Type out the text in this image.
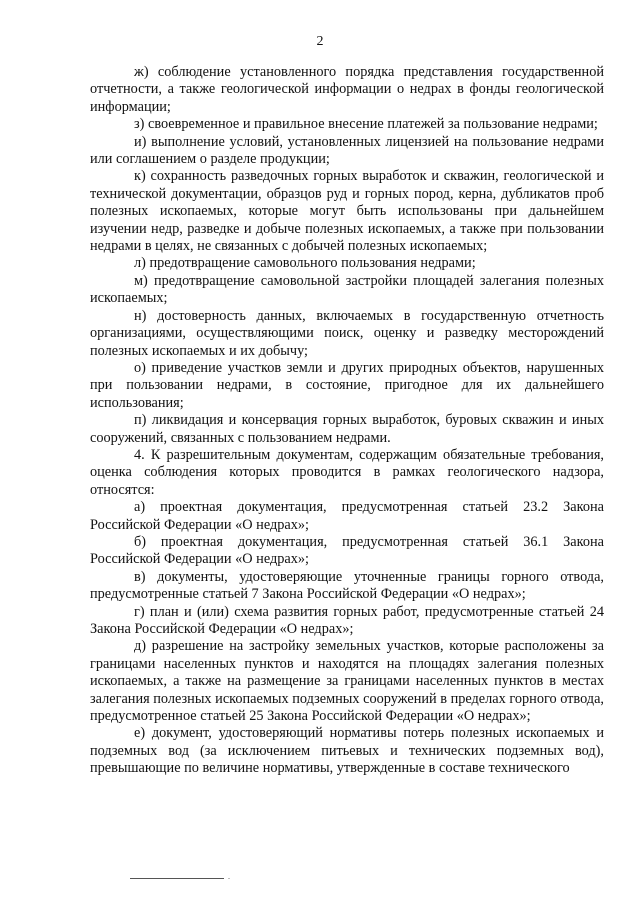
2

ж) соблюдение установленного порядка представления государственной отчетности, а также геологической информации о недрах в фонды геологической информации;

з) своевременное и правильное внесение платежей за пользование недрами;

и) выполнение условий, установленных лицензией на пользование недрами или соглашением о разделе продукции;

к) сохранность разведочных горных выработок и скважин, геологической и технической документации, образцов руд и горных пород, керна, дубликатов проб полезных ископаемых, которые могут быть использованы при дальнейшем изучении недр, разведке и добыче полезных ископаемых, а также при пользовании недрами в целях, не связанных с добычей полезных ископаемых;

л) предотвращение самовольного пользования недрами;

м) предотвращение самовольной застройки площадей залегания полезных ископаемых;

н) достоверность данных, включаемых в государственную отчетность организациями, осуществляющими поиск, оценку и разведку месторождений полезных ископаемых и их добычу;

о) приведение участков земли и других природных объектов, нарушенных при пользовании недрами, в состояние, пригодное для их дальнейшего использования;

п) ликвидация и консервация горных выработок, буровых скважин и иных сооружений, связанных с пользованием недрами.

4. К разрешительным документам, содержащим обязательные требования, оценка соблюдения которых проводится в рамках геологического надзора, относятся:

а) проектная документация, предусмотренная статьей 23.2 Закона Российской Федерации «О недрах»;

б) проектная документация, предусмотренная статьей 36.1 Закона Российской Федерации «О недрах»;

в) документы, удостоверяющие уточненные границы горного отвода, предусмотренные статьей 7 Закона Российской Федерации «О недрах»;

г) план и (или) схема развития горных работ, предусмотренные статьей 24 Закона Российской Федерации «О недрах»;

д) разрешение на застройку земельных участков, которые расположены за границами населенных пунктов и находятся на площадях залегания полезных ископаемых, а также на размещение за границами населенных пунктов в местах залегания полезных ископаемых подземных сооружений в пределах горного отвода, предусмотренное статьей 25 Закона Российской Федерации «О недрах»;

е) документ, удостоверяющий нормативы потерь полезных ископаемых и подземных вод (за исключением питьевых и технических подземных вод), превышающие по величине нормативы, утвержденные в составе технического

.
